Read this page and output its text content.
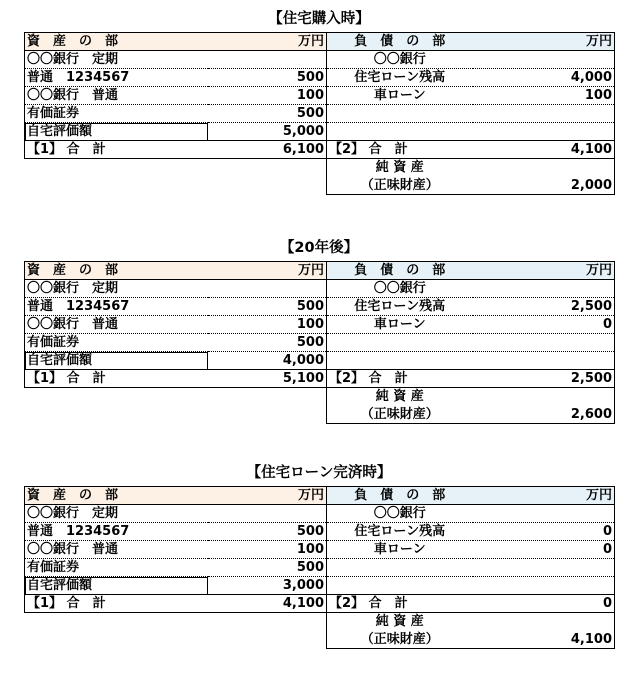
【住宅購入時】
資　産　の　部	万円	負　債　の　部	万円
〇〇銀行　定期		〇〇銀行	
普通　1234567	500	住宅ローン残高	4,000
〇〇銀行　普通	100	車ローン	100
有価証券	500		
自宅評価額	5,000		
【1】 合　計	6,100	【2】 合　計	4,100
		純 資 産	
		（正味財産）	2,000
【20年後】
資　産　の　部	万円	負　債　の　部	万円
〇〇銀行　定期		〇〇銀行	
普通　1234567	500	住宅ローン残高	2,500
〇〇銀行　普通	100	車ローン	0
有価証券	500		
自宅評価額	4,000		
【1】 合　計	5,100	【2】 合　計	2,500
		純 資 産	
		（正味財産）	2,600
【住宅ローン完済時】
資　産　の　部	万円	負　債　の　部	万円
〇〇銀行　定期		〇〇銀行	
普通　1234567	500	住宅ローン残高	0
〇〇銀行　普通	100	車ローン	0
有価証券	500		
自宅評価額	3,000		
【1】 合　計	4,100	【2】 合　計	0
		純 資 産	
		（正味財産）	4,100
